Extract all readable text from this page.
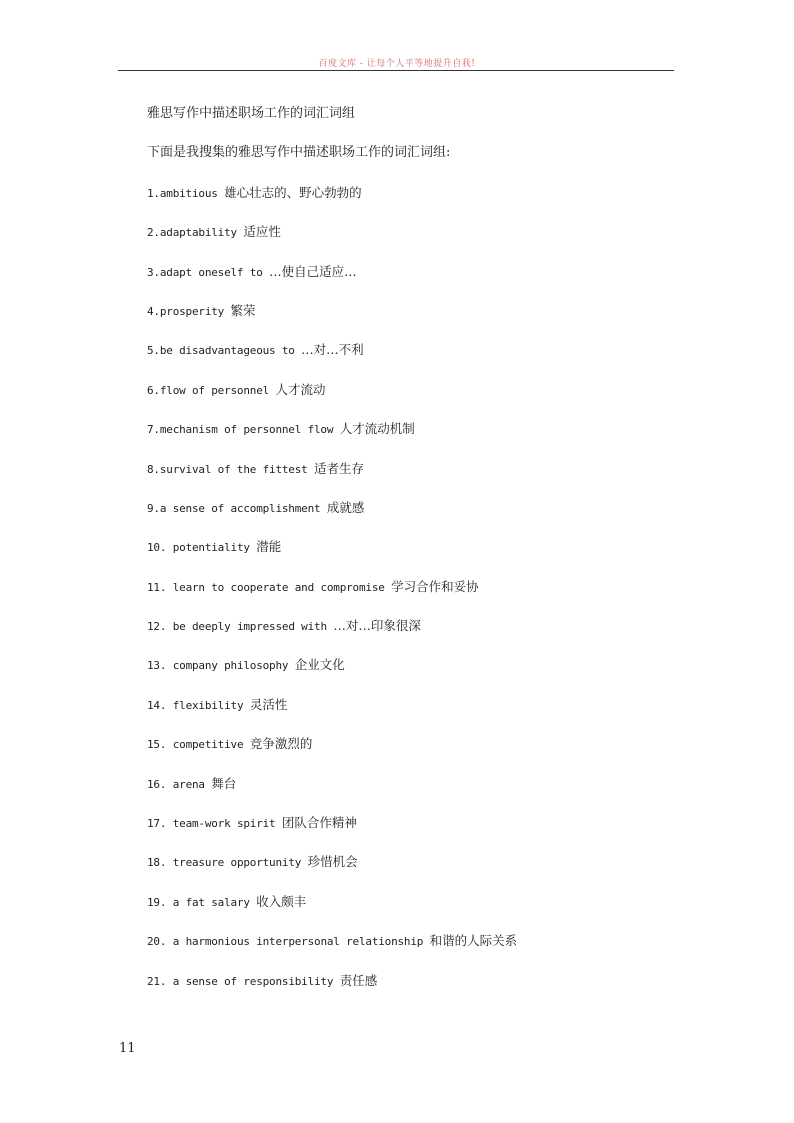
百度文库 - 让每个人平等地提升自我!
雅思写作中描述职场工作的词汇词组
下面是我搜集的雅思写作中描述职场工作的词汇词组:
1.ambitious 雄心壮志的、野心勃勃的
2.adaptability 适应性
3.adapt oneself to …使自己适应…
4.prosperity 繁荣
5.be disadvantageous to …对…不利
6.flow of personnel 人才流动
7.mechanism of personnel flow 人才流动机制
8.survival of the fittest 适者生存
9.a sense of accomplishment 成就感
10. potentiality 潜能
11. learn to cooperate and compromise 学习合作和妥协
12. be deeply impressed with …对…印象很深
13. company philosophy 企业文化
14. flexibility 灵活性
15. competitive 竞争激烈的
16. arena 舞台
17. team-work spirit 团队合作精神
18. treasure opportunity 珍惜机会
19. a fat salary 收入颇丰
20. a harmonious interpersonal relationship 和谐的人际关系
21. a sense of responsibility 责任感
11
